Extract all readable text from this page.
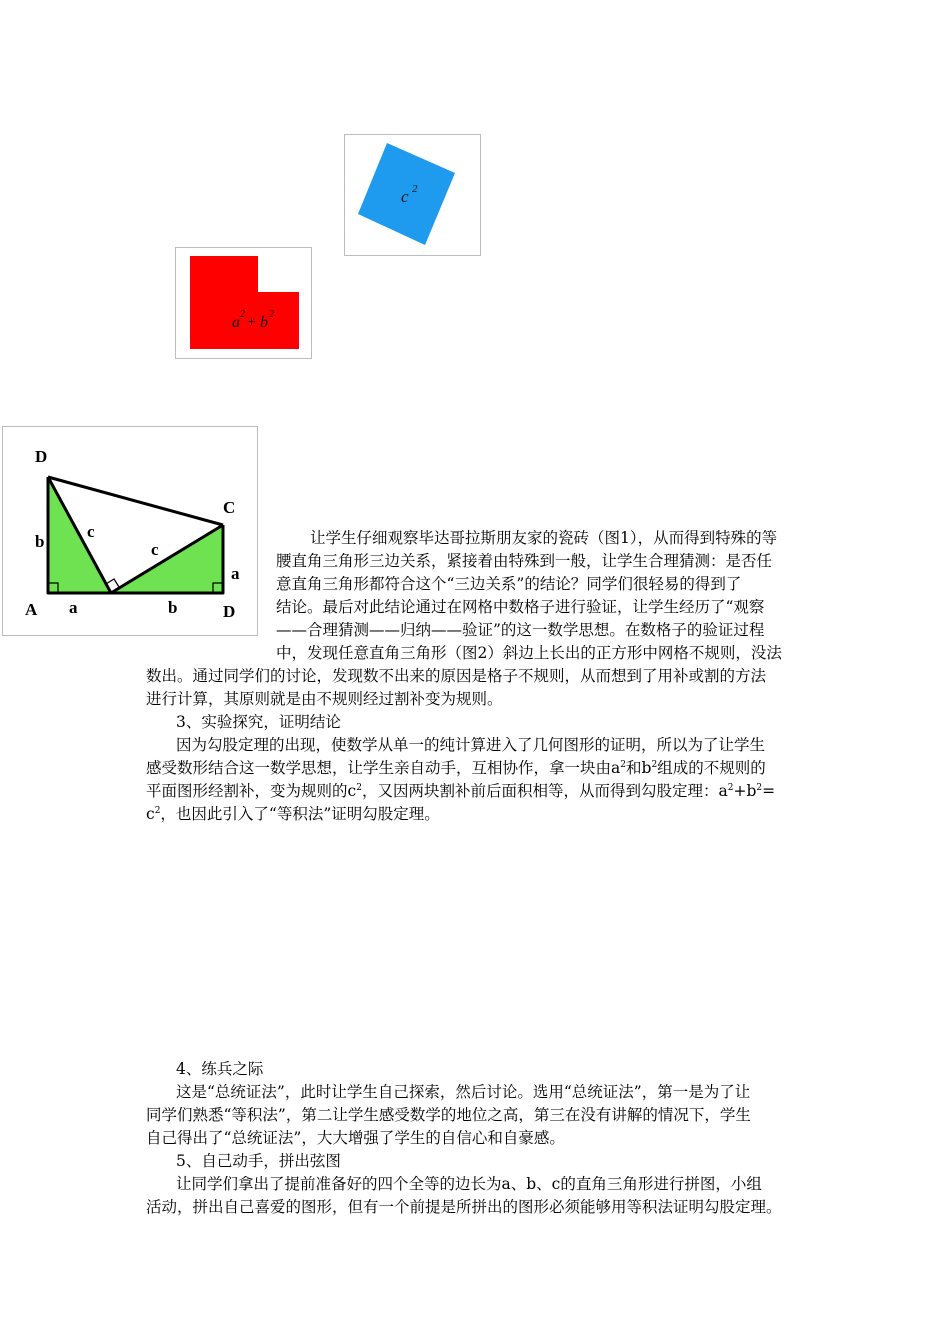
c 2
a 2 + b 2
D
C
A	D
b
c
c
a
a	b
让学生仔细观察毕达哥拉斯朋友家的瓷砖（图1），从而得到特殊的等
腰直角三角形三边关系，紧接着由特殊到一般，让学生合理猜测：是否任
意直角三角形都符合这个“三边关系”的结论？同学们很轻易的得到了
结论。最后对此结论通过在网格中数格子进行验证，让学生经历了“观察
——合理猜测——归纳——验证”的这一数学思想。在数格子的验证过程
中，发现任意直角三角形（图2）斜边上长出的正方形中网格不规则，没法
数出。通过同学们的讨论，发现数不出来的原因是格子不规则，从而想到了用补或割的方法
进行计算，其原则就是由不规则经过割补变为规则。
3、实验探究，证明结论
因为勾股定理的出现，使数学从单一的纯计算进入了几何图形的证明，所以为了让学生
感受数形结合这一数学思想，让学生亲自动手，互相协作，拿一块由$a^2$和$b^2$组成的不规则的
平面图形经割补，变为规则的$c^2$，又因两块割补前后面积相等，从而得到勾股定理：$a^2+b^2=$
$c^2$，也因此引入了“等积法”证明勾股定理。
4、练兵之际
这是“总统证法”，此时让学生自己探索，然后讨论。选用“总统证法”，第一是为了让
同学们熟悉“等积法”，第二让学生感受数学的地位之高，第三在没有讲解的情况下，学生
自己得出了“总统证法”，大大增强了学生的自信心和自豪感。
5、自己动手，拼出弦图
让同学们拿出了提前准备好的四个全等的边长为a、b、c的直角三角形进行拼图，小组
活动，拼出自己喜爱的图形，但有一个前提是所拼出的图形必须能够用等积法证明勾股定理。
